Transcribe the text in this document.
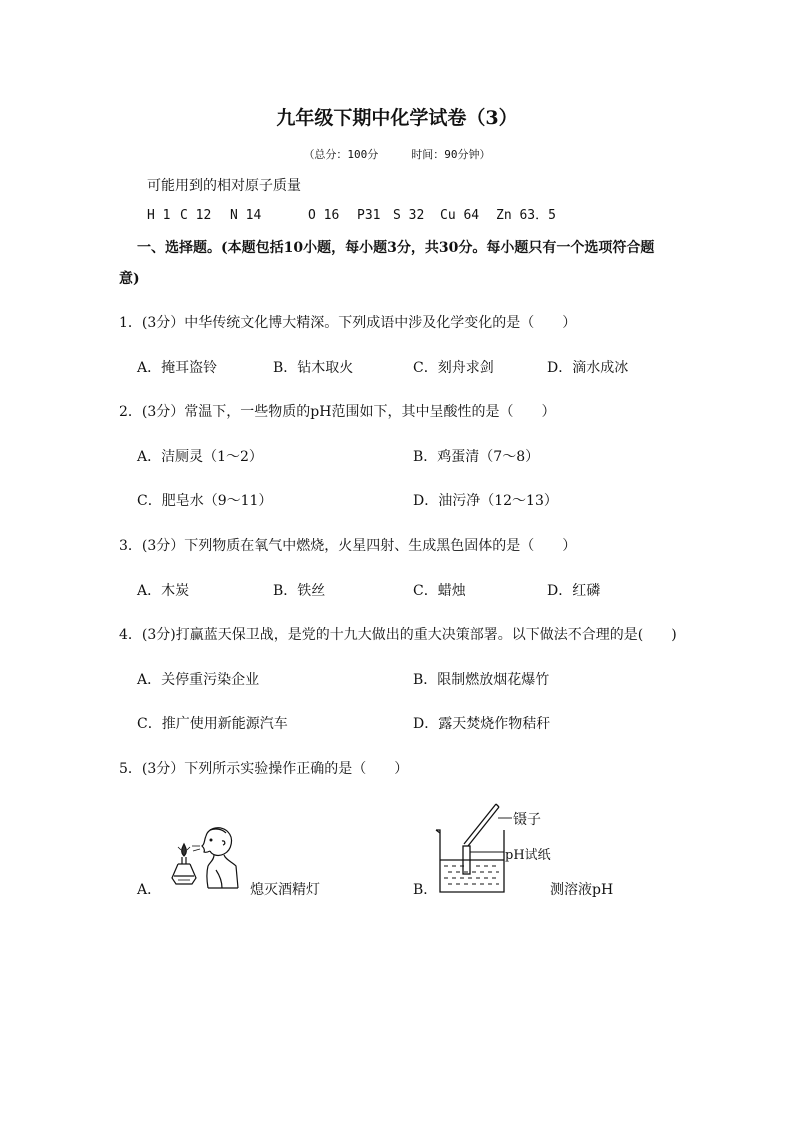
九年级下期中化学试卷（3）
（总分：100分　　　时间：90分钟）
可能用到的相对原子质量
H 1 C 12 N 14	O 16 P31 S 32 Cu 64 Zn 63．5
一、选择题。(本题包括10小题，每小题3分，共30分。每小题只有一个选项符合题
意)
1．(3分）中华传统文化博大精深。下列成语中涉及化学变化的是（　　）
A．掩耳盗铃	B．钻木取火	C．刻舟求剑	D．滴水成冰
2．(3分）常温下，一些物质的pH范围如下，其中呈酸性的是（　　）
A．洁厕灵（1～2）	B．鸡蛋清（7～8）
C．肥皂水（9～11）	D．油污净（12～13）
3．(3分）下列物质在氧气中燃烧，火星四射、生成黑色固体的是（　　）
A．木炭	B．铁丝	C．蜡烛	D．红磷
4．(3分)打赢蓝天保卫战，是党的十九大做出的重大决策部署。以下做法不合理的是(　　)
A．关停重污染企业	B．限制燃放烟花爆竹
C．推广使用新能源汽车	D．露天焚烧作物秸秆
5．(3分）下列所示实验操作正确的是（　　）
A．	熄灭酒精灯	B．
镊子
pH试纸
测溶液pH
